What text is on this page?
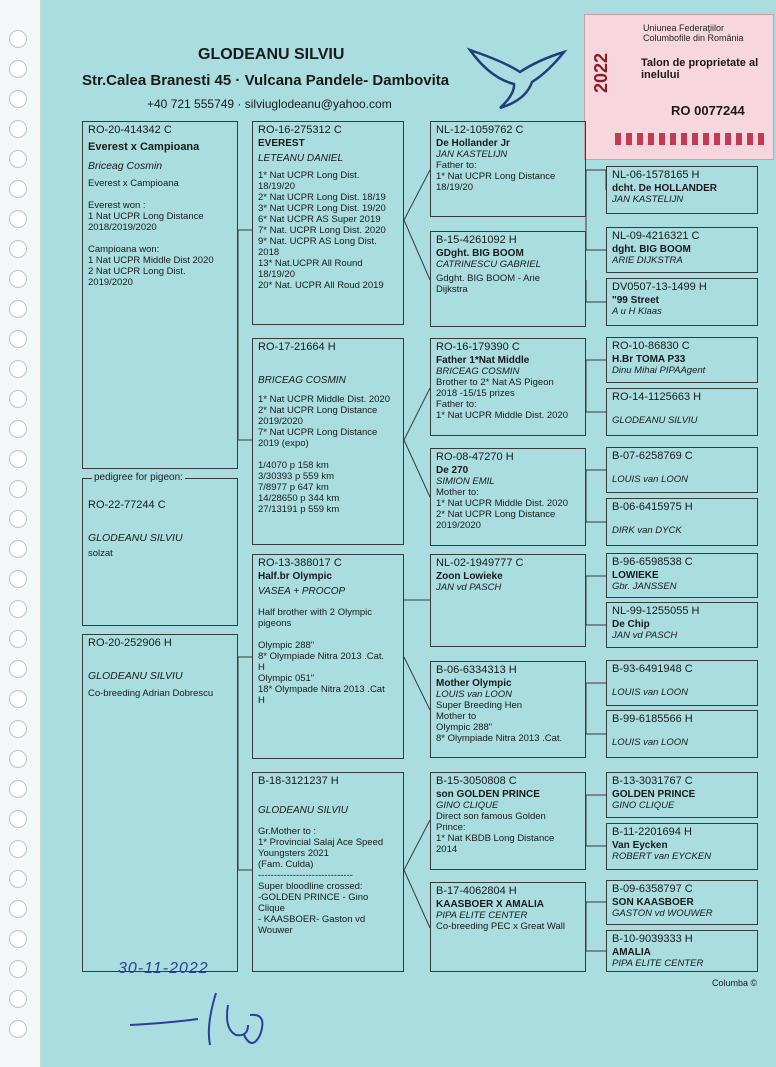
GLODEANU SILVIU
Str.Calea Branesti 45 · Vulcana Pandele- Dambovita
+40 721 555749 · silviuglodeanu@yahoo.com
Uniunea Federaţiilor Columbofile din România
Talon de proprietate al inelului
2022
RO 0077244
RO-20-414342 C
Everest x Campioana
Briceag Cosmin
Everest x Campioana

Everest won :
1 Nat UCPR Long Distance
2018/2019/2020

Campioana won:
1 Nat UCPR Middle Dist 2020
2 Nat UCPR Long Dist.
2019/2020
RO-22-77244 C
GLODEANU SILVIU
solzat
pedigree for pigeon:
RO-20-252906 H
GLODEANU SILVIU
Co-breeding Adrian Dobrescu
RO-16-275312 C
EVEREST
LETEANU DANIEL
1* Nat UCPR Long Dist.
18/19/20
2* Nat UCPR Long Dist. 18/19
3* Nat UCPR Long Dist. 19/20
6* Nat UCPR AS Super 2019
7* Nat. UCPR Long Dist. 2020
9* Nat. UCPR AS Long Dist.
2018
13* Nat.UCPR All Round
18/19/20
20* Nat. UCPR All Roud 2019
RO-17-21664 H
BRICEAG COSMIN
1* Nat UCPR Middle Dist. 2020
2* Nat UCPR Long Distance
2019/2020
7* Nat UCPR Long Distance
2019 (expo)

1/4070 p 158 km
3/30393 p 559 km
7/8977 p 647 km
14/28650 p 344 km
27/13191 p 559 km
RO-13-388017 C
Half.br Olympic
VASEA + PROCOP
Half brother with 2 Olympic
pigeons

Olympic 288"
8* Olympiade Nitra 2013 .Cat.
H
Olympic 051"
18* Olympade Nitra 2013 .Cat
H
B-18-3121237 H
GLODEANU SILVIU
Gr.Mother to :
1* Provincial Salaj Ace Speed
Youngsters 2021
(Fam. Culda)
------------------------------
Super bloodline crossed:
-GOLDEN PRINCE - Gino
Clique
- KAASBOER- Gaston vd
Wouwer
NL-12-1059762 C
De Hollander Jr
JAN KASTELIJN
Father to:
1* Nat UCPR Long Distance
18/19/20
B-15-4261092 H
GDght. BIG BOOM
CATRINESCU GABRIEL
Gdght. BIG BOOM - Arie
Dijkstra
RO-16-179390 C
Father 1*Nat Middle
BRICEAG COSMIN
Brother to 2* Nat AS Pigeon
2018 -15/15 prizes
Father to:
1* Nat UCPR Middle Dist. 2020
RO-08-47270 H
De 270
SIMION EMIL
Mother to:
1* Nat UCPR Middle Dist. 2020
2* Nat UCPR Long Distance
2019/2020
NL-02-1949777 C
Zoon Lowieke
JAN vd PASCH
B-06-6334313 H
Mother Olympic
LOUIS van LOON
Super Breeding Hen
Mother to
Olympic 288"
8* Olympiade Nitra 2013 .Cat.
B-15-3050808 C
son GOLDEN PRINCE
GINO CLIQUE
Direct son famous Golden
Prince:
1* Nat KBDB Long Distance
2014
B-17-4062804 H
KAASBOER X AMALIA
PIPA ELITE CENTER
Co-breeding PEC x Great Wall
NL-06-1578165 H
dcht. De HOLLANDER
JAN KASTELIJN
NL-09-4216321 C
dght. BIG BOOM
ARIE DIJKSTRA
DV0507-13-1499 H
"99 Street
A u H Klaas
RO-10-86830 C
H.Br TOMA P33
Dinu Mihai PIPAAgent
RO-14-1125663 H
GLODEANU SILVIU
B-07-6258769 C
LOUIS van LOON
B-06-6415975 H
DIRK van DYCK
B-96-6598538 C
LOWIEKE
Gbr. JANSSEN
NL-99-1255055 H
De Chip
JAN vd PASCH
B-93-6491948 C
LOUIS van LOON
B-99-6185566 H
LOUIS van LOON
B-13-3031767 C
GOLDEN PRINCE
GINO CLIQUE
B-11-2201694 H
Van Eycken
ROBERT van EYCKEN
B-09-6358797 C
SON KAASBOER
GASTON vd WOUWER
B-10-9039333 H
AMALIA
PIPA ELITE CENTER
30-11-2022
Columba ©
